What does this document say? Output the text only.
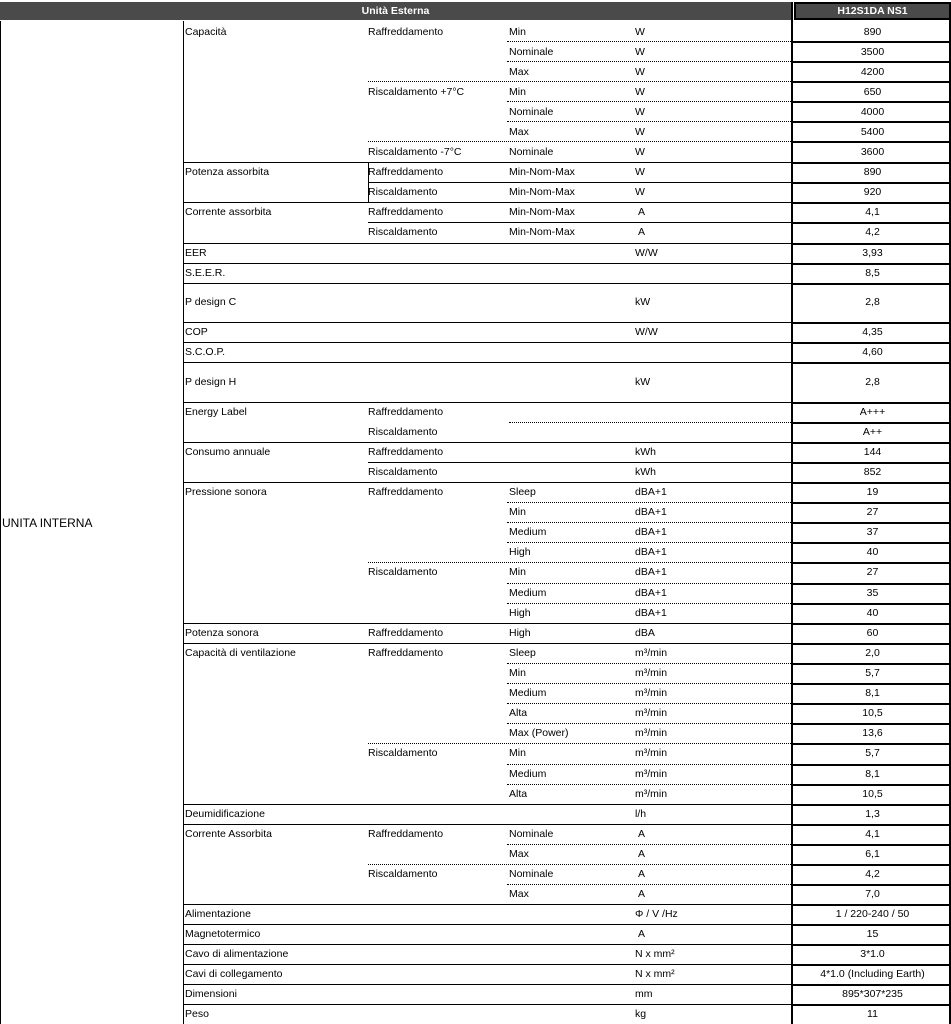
Unità Esterna	H12S1DA NS1
UNITA INTERNA
Capacità	Raffreddamento	Min	W	890
Nominale	W	3500
Max	W	4200
Riscaldamento +7°C	Min	W	650
Nominale	W	4000
Max	W	5400
Riscaldamento -7°C	Nominale	W	3600
Potenza assorbita	Raffreddamento	Min-Nom-Max	W	890
Riscaldamento	Min-Nom-Max	W	920
Corrente assorbita	Raffreddamento	Min-Nom-Max	A	4,1
Riscaldamento	Min-Nom-Max	A	4,2
EER	W/W	3,93
S.E.E.R.	8,5
P design C	kW	2,8
COP	W/W	4,35
S.C.O.P.	4,60
P design H	kW	2,8
Energy Label	Raffreddamento	A+++
Riscaldamento	A++
Consumo annuale	Raffreddamento	kWh	144
Riscaldamento	kWh	852
Pressione sonora	Raffreddamento	Sleep	dBA+1	19
Min	dBA+1	27
Medium	dBA+1	37
High	dBA+1	40
Riscaldamento	Min	dBA+1	27
Medium	dBA+1	35
High	dBA+1	40
Potenza sonora	Raffreddamento	High	dBA	60
Capacità di ventilazione	Raffreddamento	Sleep	m³/min	2,0
Min	m³/min	5,7
Medium	m³/min	8,1
Alta	m³/min	10,5
Max (Power)	m³/min	13,6
Riscaldamento	Min	m³/min	5,7
Medium	m³/min	8,1
Alta	m³/min	10,5
Deumidificazione	l/h	1,3
Corrente Assorbita	Raffreddamento	Nominale	A	4,1
Max	A	6,1
Riscaldamento	Nominale	A	4,2
Max	A	7,0
Alimentazione	Φ / V /Hz	1 / 220-240 / 50
Magnetotermico	A	15
Cavo di alimentazione	N x mm²	3*1.0
Cavi di collegamento	N x mm²	4*1.0 (Including Earth)
Dimensioni	mm	895*307*235
Peso	kg	11
